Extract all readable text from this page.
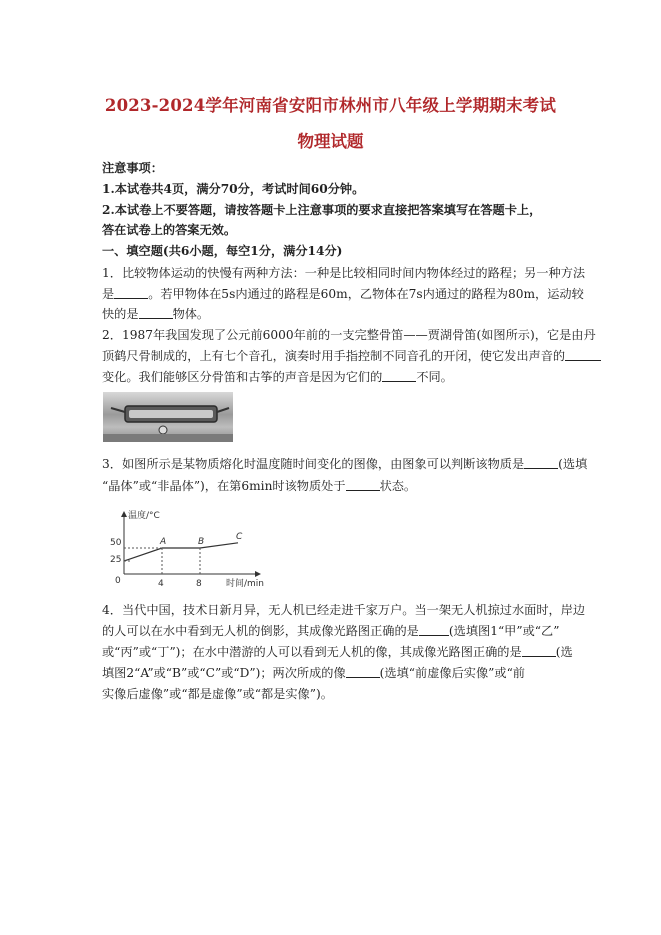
2023-2024学年河南省安阳市林州市八年级上学期期末考试
物理试题
注意事项：
1.本试卷共4页，满分70分，考试时间60分钟。
2.本试卷上不要答题，请按答题卡上注意事项的要求直接把答案填写在答题卡上，
答在试卷上的答案无效。
一、填空题(共6小题，每空1分，满分14分)
1．比较物体运动的快慢有两种方法：一种是比较相同时间内物体经过的路程；另一种方法
是	。若甲物体在5s内通过的路程是60m，乙物体在7s内通过的路程为80m，运动较
快的是	物体。
2．1987年我国发现了公元前6000年前的一支完整骨笛——贾湖骨笛(如图所示)，它是由丹
顶鹤尺骨制成的，上有七个音孔，演奏时用手指控制不同音孔的开闭，使它发出声音的
变化。我们能够区分骨笛和古筝的声音是因为它们的	不同。
3．如图所示是某物质熔化时温度随时间变化的图像，由图象可以判断该物质是	(选填
“晶体”或“非晶体”)，在第6min时该物质处于	状态。
温度/°C
时间/min
0
50
25
4	8
A	B
C
4．当代中国，技术日新月异，无人机已经走进千家万户。当一架无人机掠过水面时，岸边
的人可以在水中看到无人机的倒影，其成像光路图正确的是 (选填图1“甲”或“乙”
或“丙”或“丁”)；在水中潜游的人可以看到无人机的像，其成像光路图正确的是	(选
填图2“A”或“B”或“C”或“D”)；两次所成的像	(选填“前虚像后实像”或“前
实像后虚像”或“都是虚像”或“都是实像”)。
